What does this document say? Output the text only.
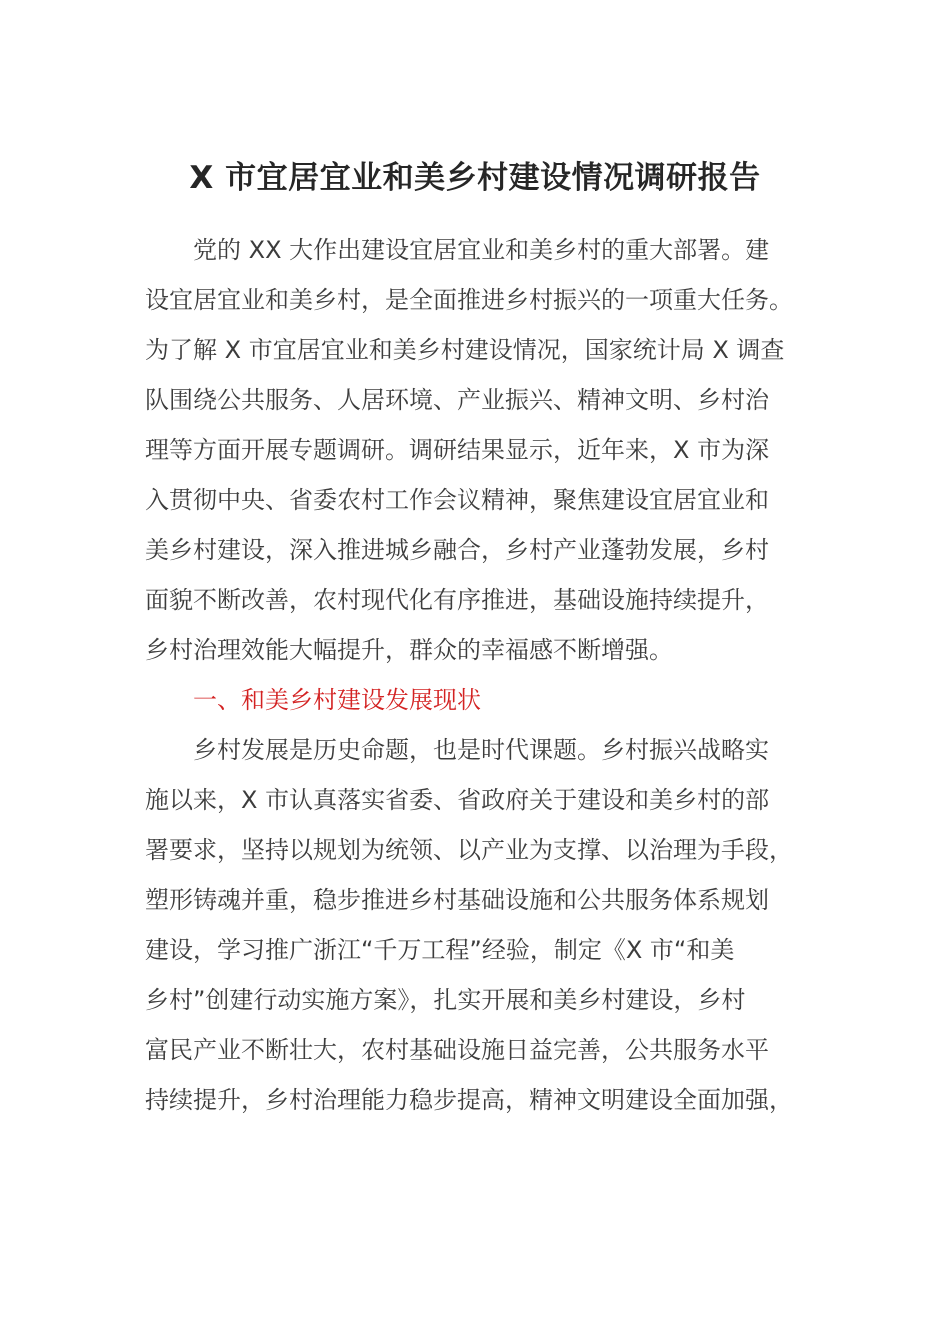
X 市宜居宜业和美乡村建设情况调研报告
党的 XX 大作出建设宜居宜业和美乡村的重大部署。建
设宜居宜业和美乡村，是全面推进乡村振兴的一项重大任务。
为了解 X 市宜居宜业和美乡村建设情况，国家统计局 X 调查
队围绕公共服务、人居环境、产业振兴、精神文明、乡村治
理等方面开展专题调研。调研结果显示，近年来，X 市为深
入贯彻中央、省委农村工作会议精神，聚焦建设宜居宜业和
美乡村建设，深入推进城乡融合，乡村产业蓬勃发展，乡村
面貌不断改善，农村现代化有序推进，基础设施持续提升，
乡村治理效能大幅提升，群众的幸福感不断增强。
一、和美乡村建设发展现状
乡村发展是历史命题，也是时代课题。乡村振兴战略实
施以来，X 市认真落实省委、省政府关于建设和美乡村的部
署要求，坚持以规划为统领、以产业为支撑、以治理为手段，
塑形铸魂并重，稳步推进乡村基础设施和公共服务体系规划
建设，学习推广浙江“千万工程”经验，制定《X 市“和美
乡村”创建行动实施方案》，扎实开展和美乡村建设，乡村
富民产业不断壮大，农村基础设施日益完善，公共服务水平
持续提升，乡村治理能力稳步提高，精神文明建设全面加强，
